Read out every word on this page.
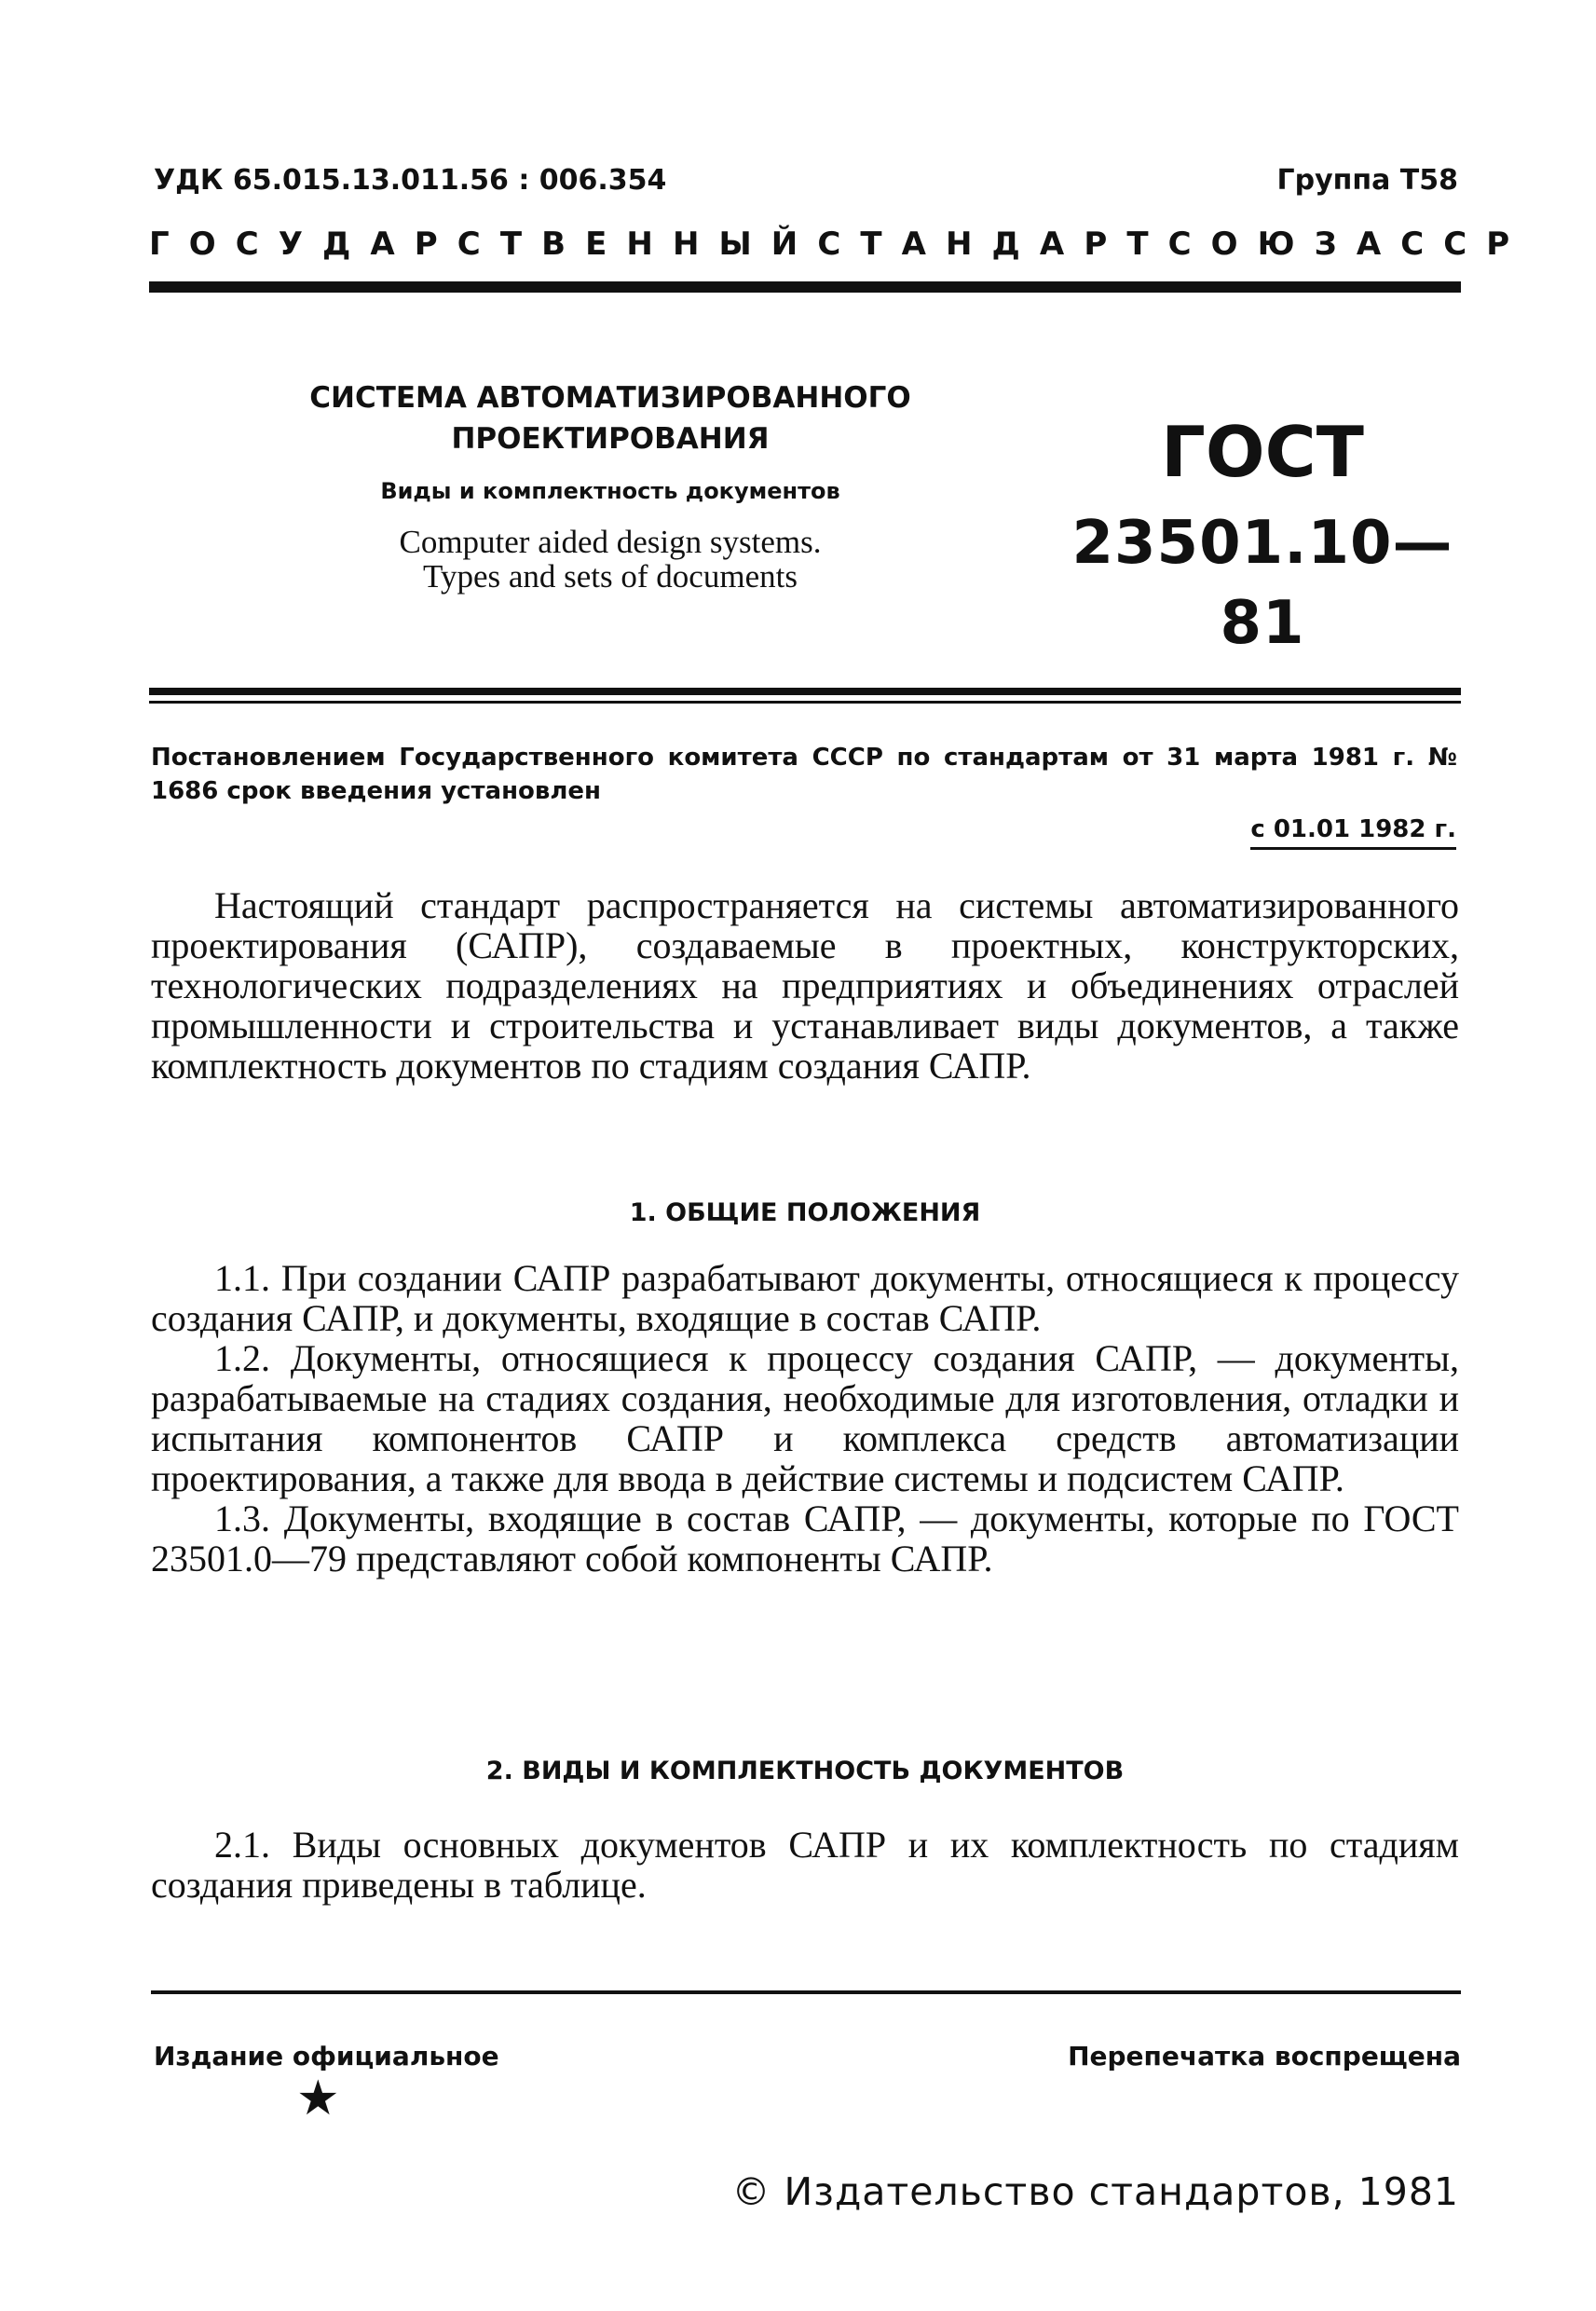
УДК 65.015.13.011.56 : 006.354	Группа Т58
ГОСУДАРСТВЕННЫЙ СТАНДАРТ СОЮЗА ССР
СИСТЕМА АВТОМАТИЗИРОВАННОГО ПРОЕКТИРОВАНИЯ
Виды и комплектность документов
Computer aided design systems.
Types and sets of documents
ГОСТ
23501.10—81
Постановлением Государственного комитета СССР по стандартам от 31 марта 1981 г. № 1686 срок введения установлен
с 01.01 1982 г.

Настоящий стандарт распространяется на системы автоматизированного проектирования (САПР), создаваемые в проектных, конструкторских, технологических подразделениях на предприятиях и объединениях отраслей промышленности и строительства и устанавливает виды документов, а также комплектность документов по стадиям создания САПР.

1. ОБЩИЕ ПОЛОЖЕНИЯ

1.1. При создании САПР разрабатывают документы, относящиеся к процессу создания САПР, и документы, входящие в состав САПР.

1.2. Документы, относящиеся к процессу создания САПР, — документы, разрабатываемые на стадиях создания, необходимые для изготовления, отладки и испытания компонентов САПР и комплекса средств автоматизации проектирования, а также для ввода в действие системы и подсистем САПР.

1.3. Документы, входящие в состав САПР, — документы, которые по ГОСТ 23501.0—79 представляют собой компоненты САПР.

2. ВИДЫ И КОМПЛЕКТНОСТЬ ДОКУМЕНТОВ

2.1. Виды основных документов САПР и их комплектность по стадиям создания приведены в таблице.

Издание официальное	Перепечатка воспрещена
★
© Издательство стандартов, 1981
